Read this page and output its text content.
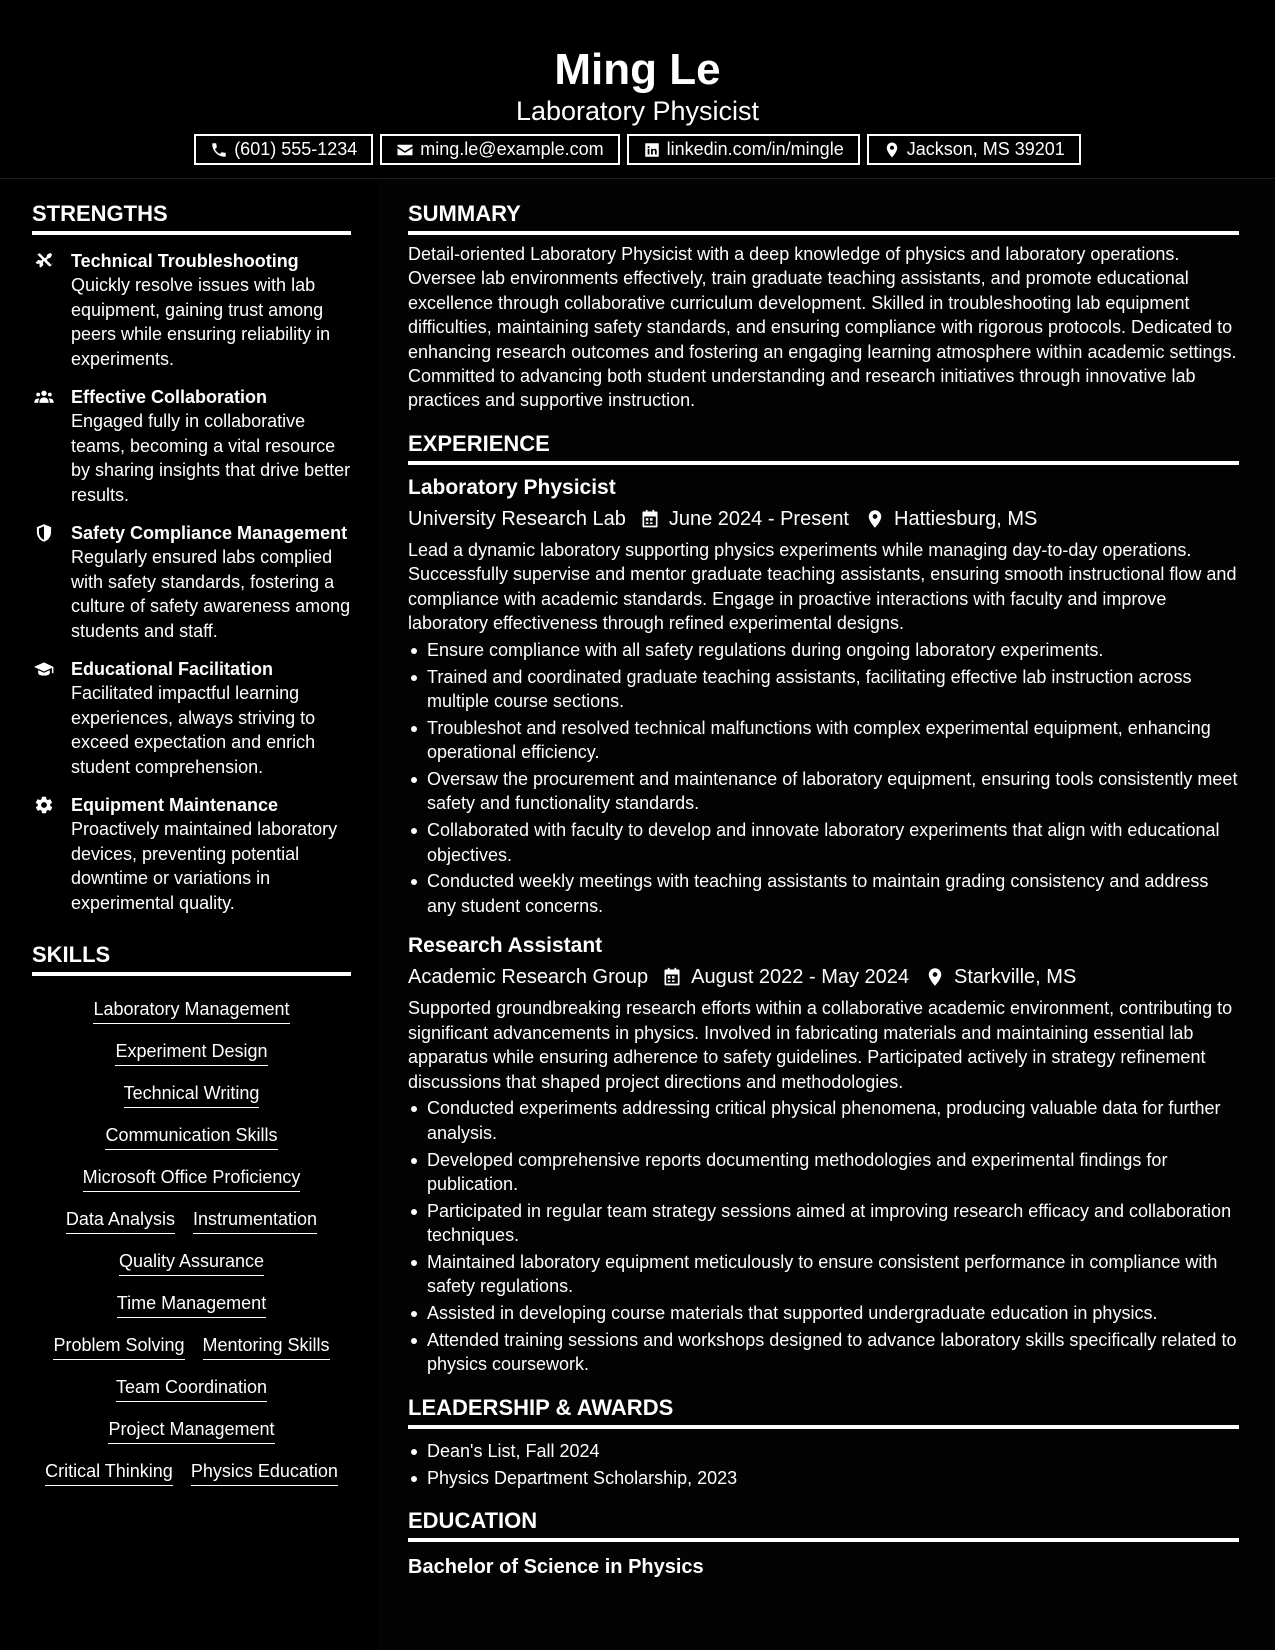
Ming Le
Laboratory Physicist
(601) 555-1234	ming.le@example.com	linkedin.com/in/mingle	Jackson, MS 39201
STRENGTHS
Technical Troubleshooting
Quickly resolve issues with lab equipment, gaining trust among peers while ensuring reliability in experiments.
Effective Collaboration
Engaged fully in collaborative teams, becoming a vital resource by sharing insights that drive better results.
Safety Compliance Management
Regularly ensured labs complied with safety standards, fostering a culture of safety awareness among students and staff.
Educational Facilitation
Facilitated impactful learning experiences, always striving to exceed expectation and enrich student comprehension.
Equipment Maintenance
Proactively maintained laboratory devices, preventing potential downtime or variations in experimental quality.
SKILLS
Laboratory Management
Experiment Design
Technical Writing
Communication Skills
Microsoft Office Proficiency
Data Analysis Instrumentation
Quality Assurance
Time Management
Problem Solving Mentoring Skills
Team Coordination
Project Management
Critical Thinking Physics Education
SUMMARY
Detail-oriented Laboratory Physicist with a deep knowledge of physics and laboratory operations. Oversee lab environments effectively, train graduate teaching assistants, and promote educational excellence through collaborative curriculum development. Skilled in troubleshooting lab equipment difficulties, maintaining safety standards, and ensuring compliance with rigorous protocols. Dedicated to enhancing research outcomes and fostering an engaging learning atmosphere within academic settings. Committed to advancing both student understanding and research initiatives through innovative lab practices and supportive instruction.
EXPERIENCE
Laboratory Physicist
University Research Lab June 2024 - Present Hattiesburg, MS
Lead a dynamic laboratory supporting physics experiments while managing day-to-day operations. Successfully supervise and mentor graduate teaching assistants, ensuring smooth instructional flow and compliance with academic standards. Engage in proactive interactions with faculty and improve laboratory effectiveness through refined experimental designs.
Ensure compliance with all safety regulations during ongoing laboratory experiments.
Trained and coordinated graduate teaching assistants, facilitating effective lab instruction across multiple course sections.
Troubleshot and resolved technical malfunctions with complex experimental equipment, enhancing operational efficiency.
Oversaw the procurement and maintenance of laboratory equipment, ensuring tools consistently meet safety and functionality standards.
Collaborated with faculty to develop and innovate laboratory experiments that align with educational objectives.
Conducted weekly meetings with teaching assistants to maintain grading consistency and address any student concerns.
Research Assistant
Academic Research Group August 2022 - May 2024 Starkville, MS
Supported groundbreaking research efforts within a collaborative academic environment, contributing to significant advancements in physics. Involved in fabricating materials and maintaining essential lab apparatus while ensuring adherence to safety guidelines. Participated actively in strategy refinement discussions that shaped project directions and methodologies.
Conducted experiments addressing critical physical phenomena, producing valuable data for further analysis.
Developed comprehensive reports documenting methodologies and experimental findings for publication.
Participated in regular team strategy sessions aimed at improving research efficacy and collaboration techniques.
Maintained laboratory equipment meticulously to ensure consistent performance in compliance with safety regulations.
Assisted in developing course materials that supported undergraduate education in physics.
Attended training sessions and workshops designed to advance laboratory skills specifically related to physics coursework.
LEADERSHIP & AWARDS
Dean's List, Fall 2024
Physics Department Scholarship, 2023
EDUCATION
Bachelor of Science in Physics
